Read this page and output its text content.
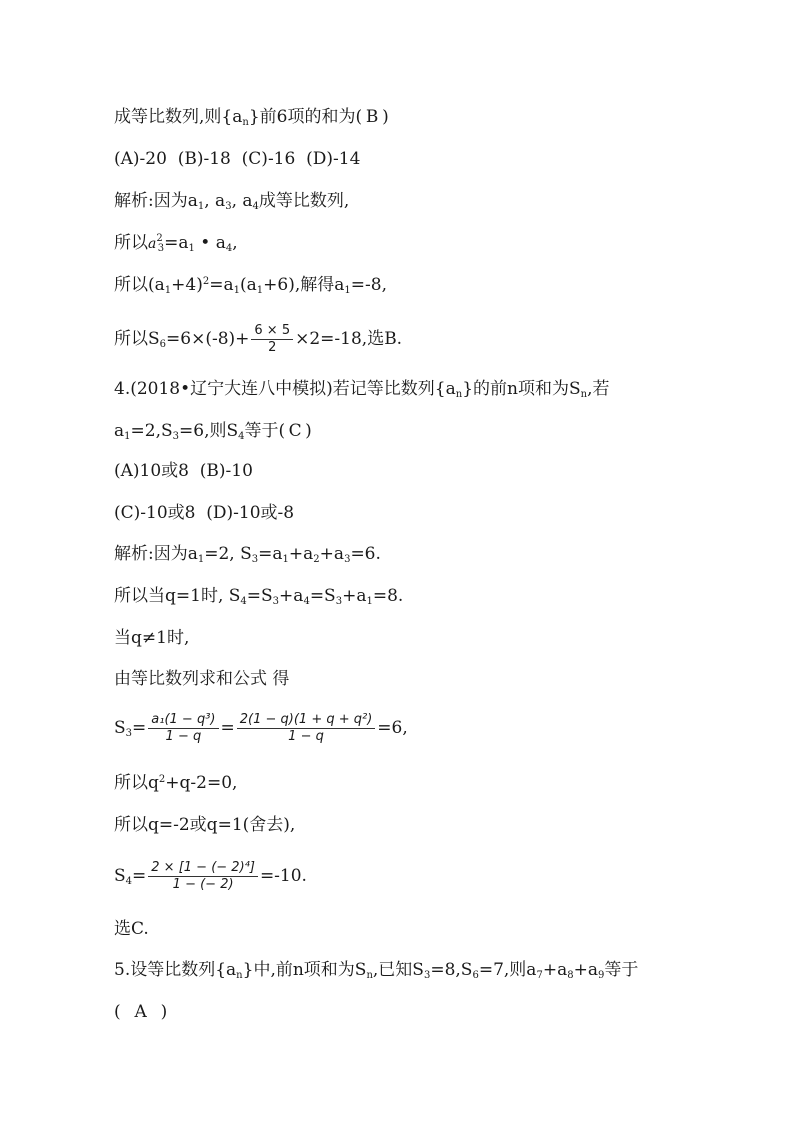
成等比数列,则$\{a_n\}$前6项的和为( B )
(A)-20  (B)-18  (C)-16  (D)-14
解析:因为$a_1$, $a_3$, $a_4$成等比数列,
所以$a^2_3=a_1$ • $a_4$,
所以$(a_1+4)^2=a_1(a_1+6)$,解得$a_1=-8$,
所以$S_6=6\times(-8)+ \frac{6 \times 5}{2} \times 2=-18$,选B.
4.(2018•辽宁大连八中模拟)若记等比数列$\{a_n\}$的前n项和为$S_n$,若
$a_1=2,S_3=6$,则$S_4$等于( C )
(A)10或8  (B)-10
(C)-10或8  (D)-10或-8
解析:因为$a_1=2$, $S_3=a_1+a_2+a_3=6$.
所以当q=1时, $S_4=S_3+a_4=S_3+a_1=8$.
当q≠1时,
由等比数列求和公式 得
$S_3= \frac{\text{a₁(1 − q³)}}{1 - q} = \frac{\text{2(1 − q)(1 + q + q²)}}{1 - q} =6$,
所以$q^2+q-2=0$,
所以q=-2或q=1(舍去),
$S_4= \frac{\text{2 × [1 − (− 2)⁴]}}{1 - (- 2)} =-10$.
选C.
5.设等比数列$\{a_n\}$中,前n项和为$S_n$,已知$S_3=8,S_6=7$,则$a_7+a_8+a_9$等于
( A )
